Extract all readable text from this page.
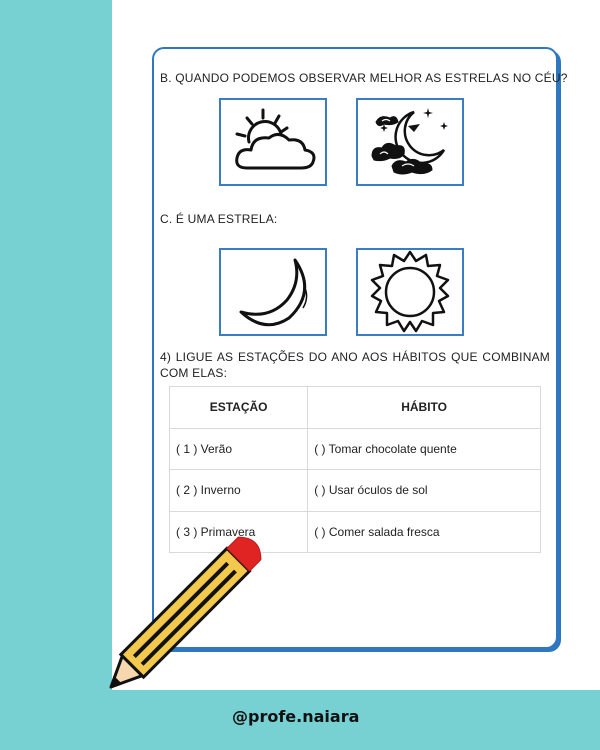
@profe.naiara
B. QUANDO PODEMOS OBSERVAR MELHOR AS ESTRELAS NO CÉU?
C. É UMA ESTRELA:
4) LIGUE AS ESTAÇÕES DO ANO AOS HÁBITOS QUE COMBINAM
COM ELAS:
ESTAÇÃO	HÁBITO
( 1 ) Verão	( ) Tomar chocolate quente
( 2 ) Inverno	( ) Usar óculos de sol
( 3 ) Primavera	( ) Comer salada fresca
